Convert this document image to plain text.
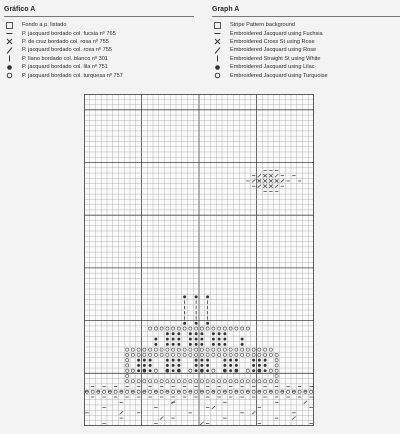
Gráfico A
Fondo a p. listado
P. jacquard bordado col. fucsia nº 765
P. de cruz bordado col. rosa nº 755
P. jacquard bordado col. rosa nº 755
P. llano bordado col. blanco nº 301
P. jacquard bordado col. lila nº 751
P. jacquard bordado col. turquesa nº 757
Graph A
Stripe Pattern background
Embroidered Jacquard using Fuchsia
Embroidered Cross St using Rose
Embroidered Jacquard using Rose
Embroidered Straight St using White
Embroidered Jacquard using Lilac
Embroidered Jacquard using Turquoise
